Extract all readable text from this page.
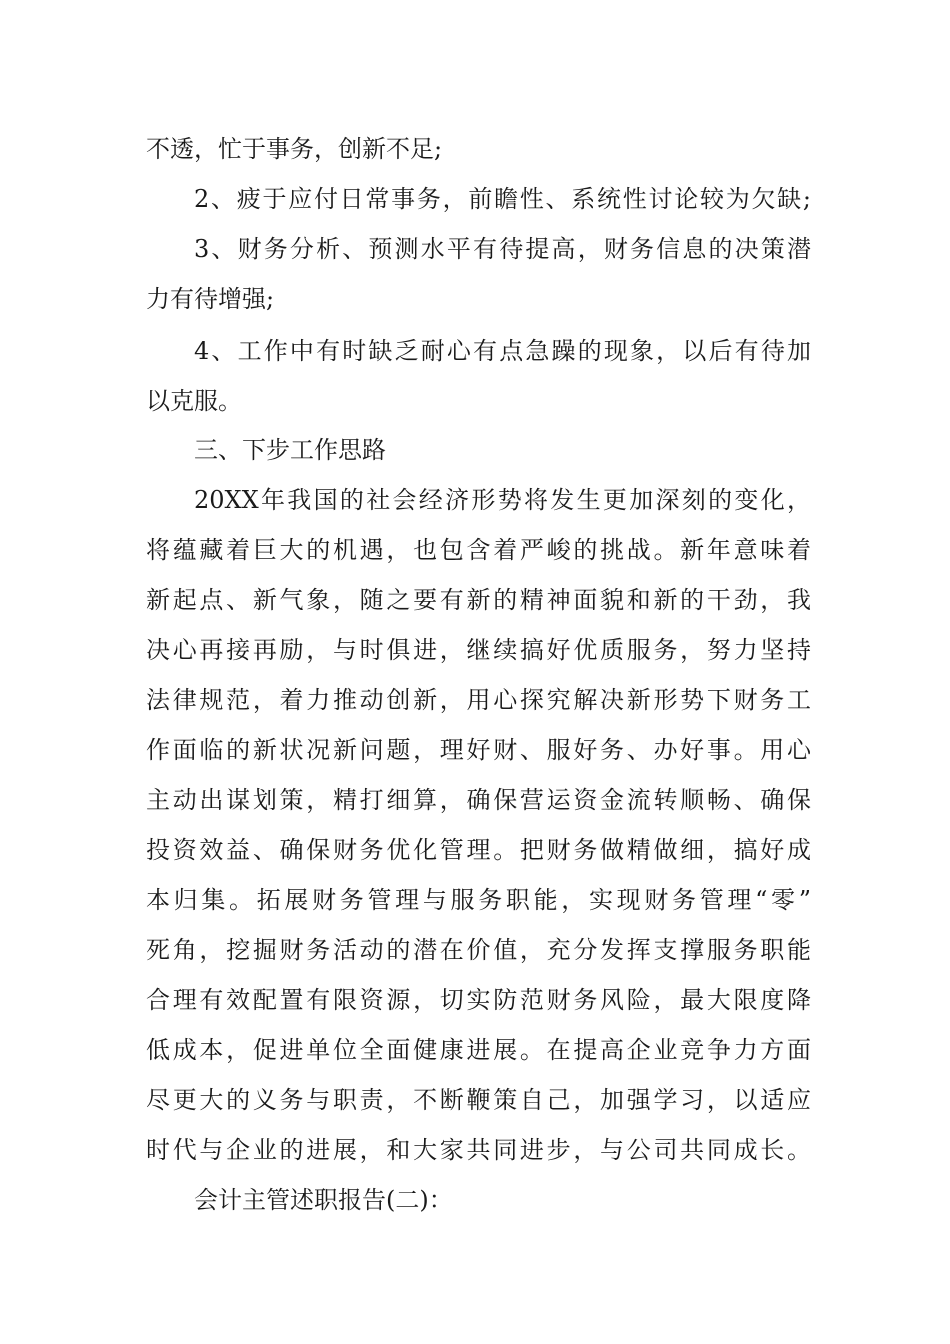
不透，忙于事务，创新不足;
2、疲于应付日常事务，前瞻性、系统性讨论较为欠缺;
3、财务分析、预测水平有待提高，财务信息的决策潜
力有待增强;
4、工作中有时缺乏耐心有点急躁的现象，以后有待加
以克服。
三、下步工作思路
20XX年我国的社会经济形势将发生更加深刻的变化，
将蕴藏着巨大的机遇，也包含着严峻的挑战。新年意味着
新起点、新气象，随之要有新的精神面貌和新的干劲，我
决心再接再励，与时俱进，继续搞好优质服务，努力坚持
法律规范，着力推动创新，用心探究解决新形势下财务工
作面临的新状况新问题，理好财、服好务、办好事。用心
主动出谋划策，精打细算，确保营运资金流转顺畅、确保
投资效益、确保财务优化管理。把财务做精做细，搞好成
本归集。拓展财务管理与服务职能，实现财务管理“零”
死角，挖掘财务活动的潜在价值，充分发挥支撑服务职能
合理有效配置有限资源，切实防范财务风险，最大限度降
低成本，促进单位全面健康进展。在提高企业竞争力方面
尽更大的义务与职责，不断鞭策自己，加强学习，以适应
时代与企业的进展，和大家共同进步，与公司共同成长。
会计主管述职报告(二)：
